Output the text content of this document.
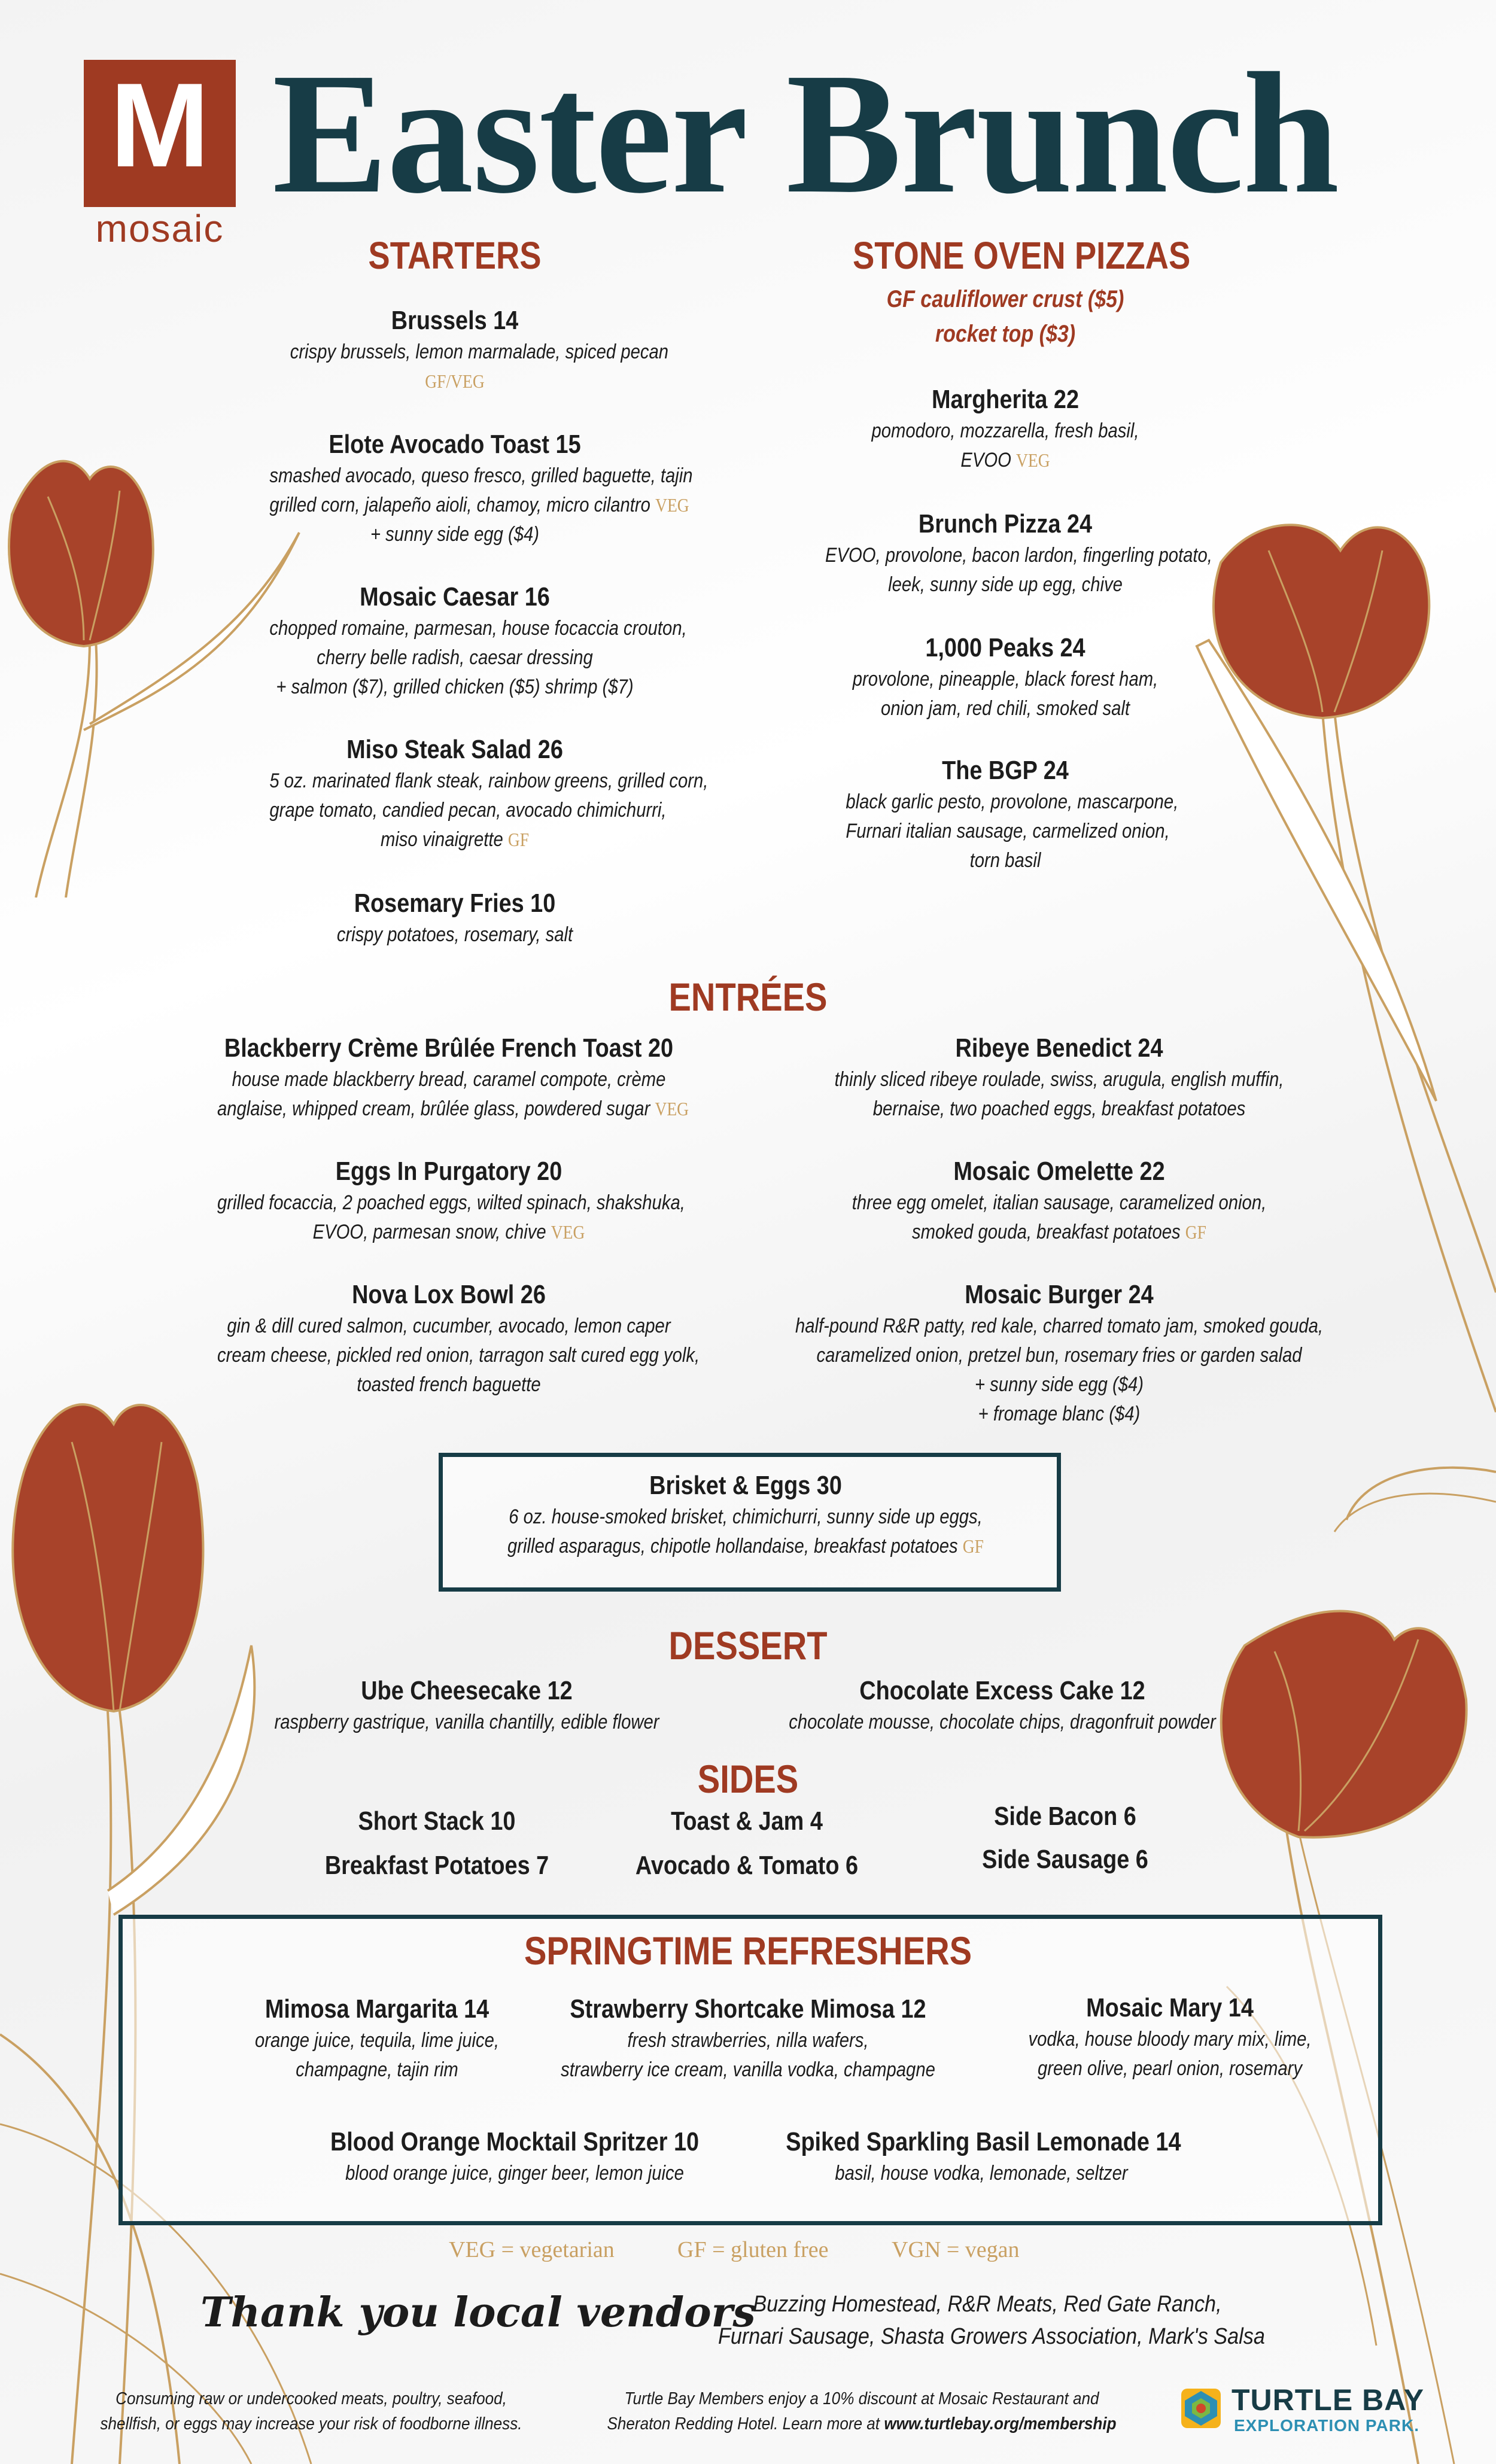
M
mosaic Easter Brunch
STARTERS
Brussels 14
crispy brussels, lemon marmalade, spiced pecan
GF/VEG
Elote Avocado Toast 15
smashed avocado, queso fresco, grilled baguette, tajin
grilled corn, jalapeño aioli, chamoy, micro cilantro VEG
+ sunny side egg ($4)
Mosaic Caesar 16
chopped romaine, parmesan, house focaccia crouton,
cherry belle radish, caesar dressing
+ salmon ($7), grilled chicken ($5) shrimp ($7)
Miso Steak Salad 26
5 oz. marinated flank steak, rainbow greens, grilled corn,
grape tomato, candied pecan, avocado chimichurri,
miso vinaigrette GF
Rosemary Fries 10
crispy potatoes, rosemary, salt
STONE OVEN PIZZAS
GF cauliflower crust ($5)
rocket top ($3)
Margherita 22
pomodoro, mozzarella, fresh basil,
EVOO VEG
Brunch Pizza 24
EVOO, provolone, bacon lardon, fingerling potato,
leek, sunny side up egg, chive
1,000 Peaks 24
provolone, pineapple, black forest ham,
onion jam, red chili, smoked salt
The BGP 24
black garlic pesto, provolone, mascarpone,
Furnari italian sausage, carmelized onion,
torn basil
ENTRÉES
Blackberry Crème Brûlée French Toast 20
house made blackberry bread, caramel compote, crème
anglaise, whipped cream, brûlée glass, powdered sugar VEG
Ribeye Benedict 24
thinly sliced ribeye roulade, swiss, arugula, english muffin,
bernaise, two poached eggs, breakfast potatoes
Eggs In Purgatory 20
grilled focaccia, 2 poached eggs, wilted spinach, shakshuka,
EVOO, parmesan snow, chive VEG
Mosaic Omelette 22
three egg omelet, italian sausage, caramelized onion,
smoked gouda, breakfast potatoes GF
Nova Lox Bowl 26
gin & dill cured salmon, cucumber, avocado, lemon caper
cream cheese, pickled red onion, tarragon salt cured egg yolk,
toasted french baguette
Mosaic Burger 24
half-pound R&R patty, red kale, charred tomato jam, smoked gouda,
caramelized onion, pretzel bun, rosemary fries or garden salad
+ sunny side egg ($4)
+ fromage blanc ($4)
Brisket & Eggs 30
6 oz. house-smoked brisket, chimichurri, sunny side up eggs,
grilled asparagus, chipotle hollandaise, breakfast potatoes GF
DESSERT
Ube Cheesecake 12
raspberry gastrique, vanilla chantilly, edible flower
Chocolate Excess Cake 12
chocolate mousse, chocolate chips, dragonfruit powder
SIDES
Short Stack 10	Toast & Jam 4	Side Bacon 6
Breakfast Potatoes 7	Avocado & Tomato 6	Side Sausage 6
SPRINGTIME REFRESHERS
Mimosa Margarita 14
orange juice, tequila, lime juice,
champagne, tajin rim
Strawberry Shortcake Mimosa 12
fresh strawberries, nilla wafers,
strawberry ice cream, vanilla vodka, champagne
Mosaic Mary 14
vodka, house bloody mary mix, lime,
green olive, pearl onion, rosemary
Blood Orange Mocktail Spritzer 10
blood orange juice, ginger beer, lemon juice
Spiked Sparkling Basil Lemonade 14
basil, house vodka, lemonade, seltzer
VEG = vegetarian	GF = gluten free	VGN = vegan
Thank you local vendors
Buzzing Homestead, R&R Meats, Red Gate Ranch,
Furnari Sausage, Shasta Growers Association, Mark's Salsa
Consuming raw or undercooked meats, poultry, seafood,
shellfish, or eggs may increase your risk of foodborne illness.
Turtle Bay Members enjoy a 10% discount at Mosaic Restaurant and
Sheraton Redding Hotel. Learn more at www.turtlebay.org/membership
TURTLE BAY
EXPLORATION PARK.
